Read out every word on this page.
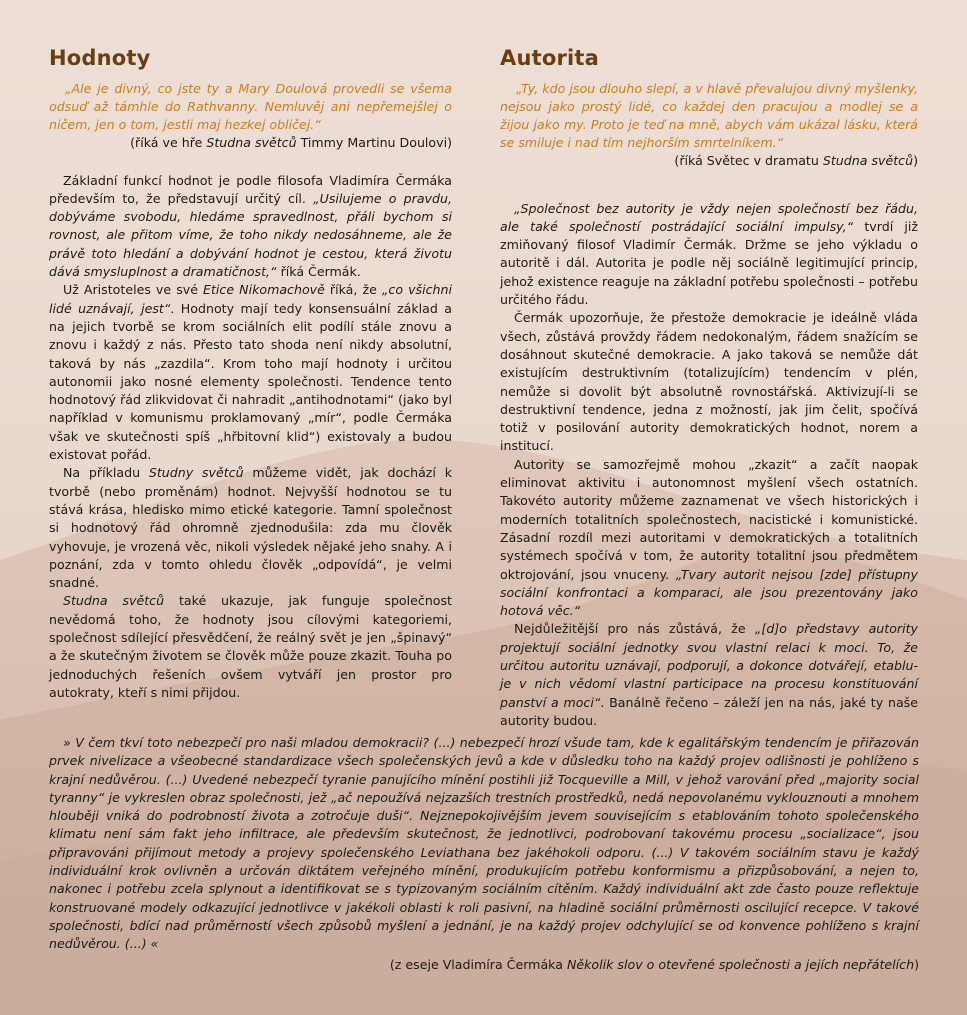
Hodnoty

„Ale je divný, co jste ty a Mary Doulová provedli se všema odsuď až támhle do Rathvanny. Nemluvěj ani nepřemejšlej o ničem, jen o tom, jestli maj hezkej obličej.“

(říká ve hře Studna světců Timmy Martinu Doulovi)

Základní funkcí hodnot je podle filosofa Vladimíra Čermáka především to, že představují určitý cíl. „Usilujeme o pravdu, dobýváme svobodu, hledáme spravedlnost, přáli bychom si rovnost, ale přitom víme, že toho nikdy nedosáhneme, ale že právě toto hledání a dobývání hodnot je cestou, která životu dává smysluplnost a dramatičnost,“ říká Čermák.

Už Aristoteles ve své Etice Nikomachově říká, že „co všichni lidé uznávají, jest“. Hodnoty mají tedy konsensuální základ a na jejich tvorbě se krom sociálních elit podílí stále znovu a znovu i každý z nás. Přesto tato shoda není nikdy absolutní, taková by nás „zazdila“. Krom toho mají hodnoty i určitou autonomii jako nosné elementy společnosti. Tendence tento hodnotový řád zlikvidovat či nahradit „antihodnotami“ (jako byl například v komunismu proklamovaný „mír“, podle Čermáka však ve skutečnosti spíš „hřbitovní klid“) existovaly a budou existovat pořád.

Na příkladu Studny světců můžeme vidět, jak dochází k tvorbě (nebo proměnám) hodnot. Nejvyšší hodnotou se tu stává krása, hledisko mimo etické kategorie. Tamní společnost si hodnotový řád ohromně zjednodušila: zda mu člověk vyhovuje, je vrozená věc, nikoli výsledek nějaké jeho snahy. A i poznání, zda v tomto ohledu člověk „odpovídá“, je velmi snadné.

Studna světců také ukazuje, jak funguje společnost nevědomá toho, že hodnoty jsou cílovými kategoriemi, společnost sdílející přesvědčení, že reálný svět je jen „špinavý“ a že skutečným životem se člověk může pouze zkazit. Touha po jednoduchých řešeních ovšem vytváří jen prostor pro autokraty, kteří s nimi přijdou.

Autorita

„Ty, kdo jsou dlouho slepí, a v hlavě převalujou divný myšlenky, nejsou jako prostý lidé, co každej den pracujou a modlej se a žijou jako my. Proto je teď na mně, abych vám ukázal lásku, která se smiluje i nad tím nejhorším smrtelníkem.“

(říká Světec v dramatu Studna světců)

„Společnost bez autority je vždy nejen společností bez řádu, ale také společností postrádající sociální impulsy,“ tvrdí již zmiňovaný filosof Vladimír Čermák. Držme se jeho výkladu o autoritě i dál. Autorita je podle něj sociálně legitimující princip, jehož existence reaguje na základní potřebu společnosti – potřebu určitého řádu.

Čermák upozorňuje, že přestože demokracie je ideálně vláda všech, zůstává provždy řádem nedokonalým, řádem snažícím se dosáhnout skutečné demokracie. A jako taková se nemůže dát existujícím destruktivním (totalizujícím) tendencím v plén, nemůže si dovolit být absolutně rovnostářská. Aktivizují-li se destruktivní tendence, jedna z možností, jak jim čelit, spočívá totiž v posilování autority demokratických hodnot, norem a institucí.

Autority se samozřejmě mohou „zkazit“ a začít naopak eliminovat aktivitu i autonomnost myšlení všech ostatních. Takovéto autority můžeme zaznamenat ve všech historických i moderních totalitních společnostech, nacistické i komunistické. Zásadní rozdíl mezi autoritami v demokratických a totalitních systémech spočívá v tom, že autority totalitní jsou předmětem oktrojování, jsou vnuceny. „Tvary autorit nejsou [zde] přístupny sociální konfrontaci a komparaci, ale jsou prezentovány jako hotová věc.“

Nejdůležitější pro nás zůstává, že „[d]o představy autority projektují sociální jednotky svou vlastní relaci k moci. To, že určitou autoritu uznávají, podporují, a dokonce dotvářejí, etablu-je v nich vědomí vlastní participace na procesu konstituování panství a moci“. Banálně řečeno – záleží jen na nás, jaké ty naše autority budou.

» V čem tkví toto nebezpečí pro naši mladou demokracii? (...) nebezpečí hrozí všude tam, kde k egalitářským tendencím je přiřazován prvek nivelizace a všeobecné standardizace všech společenských jevů a kde v důsledku toho na každý projev odlišnosti je pohlíženo s krajní nedůvěrou. (...) Uvedené nebezpečí tyranie panujícího mínění postihli již Tocqueville a Mill, v jehož varování před „majority social tyranny“ je vykreslen obraz společnosti, jež „ač nepoužívá nejzazších trestních prostředků, nedá nepovolanému vyklouznouti a mnohem hlouběji vniká do podrobností života a zotročuje duši“. Nejznepokojivějším jevem souvisejícím s etablováním tohoto společenského klimatu není sám fakt jeho infiltrace, ale především skutečnost, že jednotlivci, podrobovaní takovému procesu „socializace“, jsou připravováni přijímout metody a projevy společenského Leviathana bez jakéhokoli odporu. (...) V takovém sociálním stavu je každý individuální krok ovlivněn a určován diktátem veřejného mínění, produkujícím potřebu konformismu a přizpůsobování, a nejen to, nakonec i potřebu zcela splynout a identifikovat se s typizovaným sociálním cítěním. Každý individuální akt zde často pouze reflektuje konstruované modely odkazující jednotlivce v jakékoli oblasti k roli pasivní, na hladině sociální průměrnosti oscilující recepce. V takové společnosti, bdící nad průměrností všech způsobů myšlení a jednání, je na každý projev odchylující se od konvence pohlíženo s krajní nedůvěrou. (...) «

(z eseje Vladimíra Čermáka Několik slov o otevřené společnosti a jejích nepřátelích)
